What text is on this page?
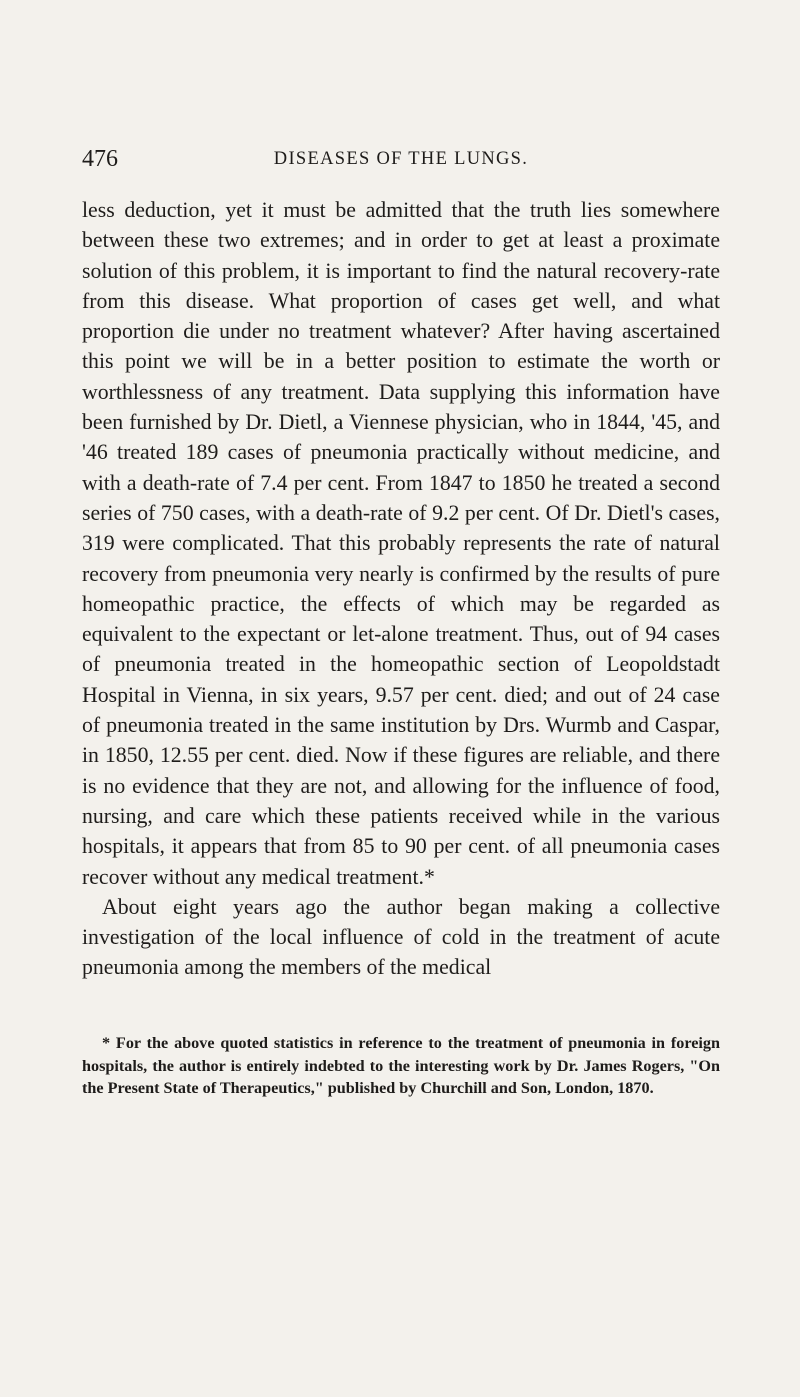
476	DISEASES OF THE LUNGS.

less deduction, yet it must be admitted that the truth lies somewhere between these two extremes; and in order to get at least a proximate solution of this problem, it is important to find the natural recovery-rate from this disease. What proportion of cases get well, and what proportion die under no treatment whatever? After having ascertained this point we will be in a better position to estimate the worth or worthlessness of any treatment. Data supplying this information have been furnished by Dr. Dietl, a Viennese physician, who in 1844, '45, and '46 treated 189 cases of pneumonia practically without medicine, and with a death-rate of 7.4 per cent. From 1847 to 1850 he treated a second series of 750 cases, with a death-rate of 9.2 per cent. Of Dr. Dietl's cases, 319 were complicated. That this probably represents the rate of natural recovery from pneumonia very nearly is confirmed by the results of pure homeopathic practice, the effects of which may be regarded as equivalent to the expectant or let-alone treatment. Thus, out of 94 cases of pneumonia treated in the homeopathic section of Leopoldstadt Hospital in Vienna, in six years, 9.57 per cent. died; and out of 24 case of pneumonia treated in the same institution by Drs. Wurmb and Caspar, in 1850, 12.55 per cent. died. Now if these figures are reliable, and there is no evidence that they are not, and allowing for the influence of food, nursing, and care which these patients received while in the various hospitals, it appears that from 85 to 90 per cent. of all pneumonia cases recover without any medical treatment.*

About eight years ago the author began making a collective investigation of the local influence of cold in the treatment of acute pneumonia among the members of the medical

* For the above quoted statistics in reference to the treatment of pneumonia in foreign hospitals, the author is entirely indebted to the interesting work by Dr. James Rogers, "On the Present State of Therapeutics," published by Churchill and Son, London, 1870.
